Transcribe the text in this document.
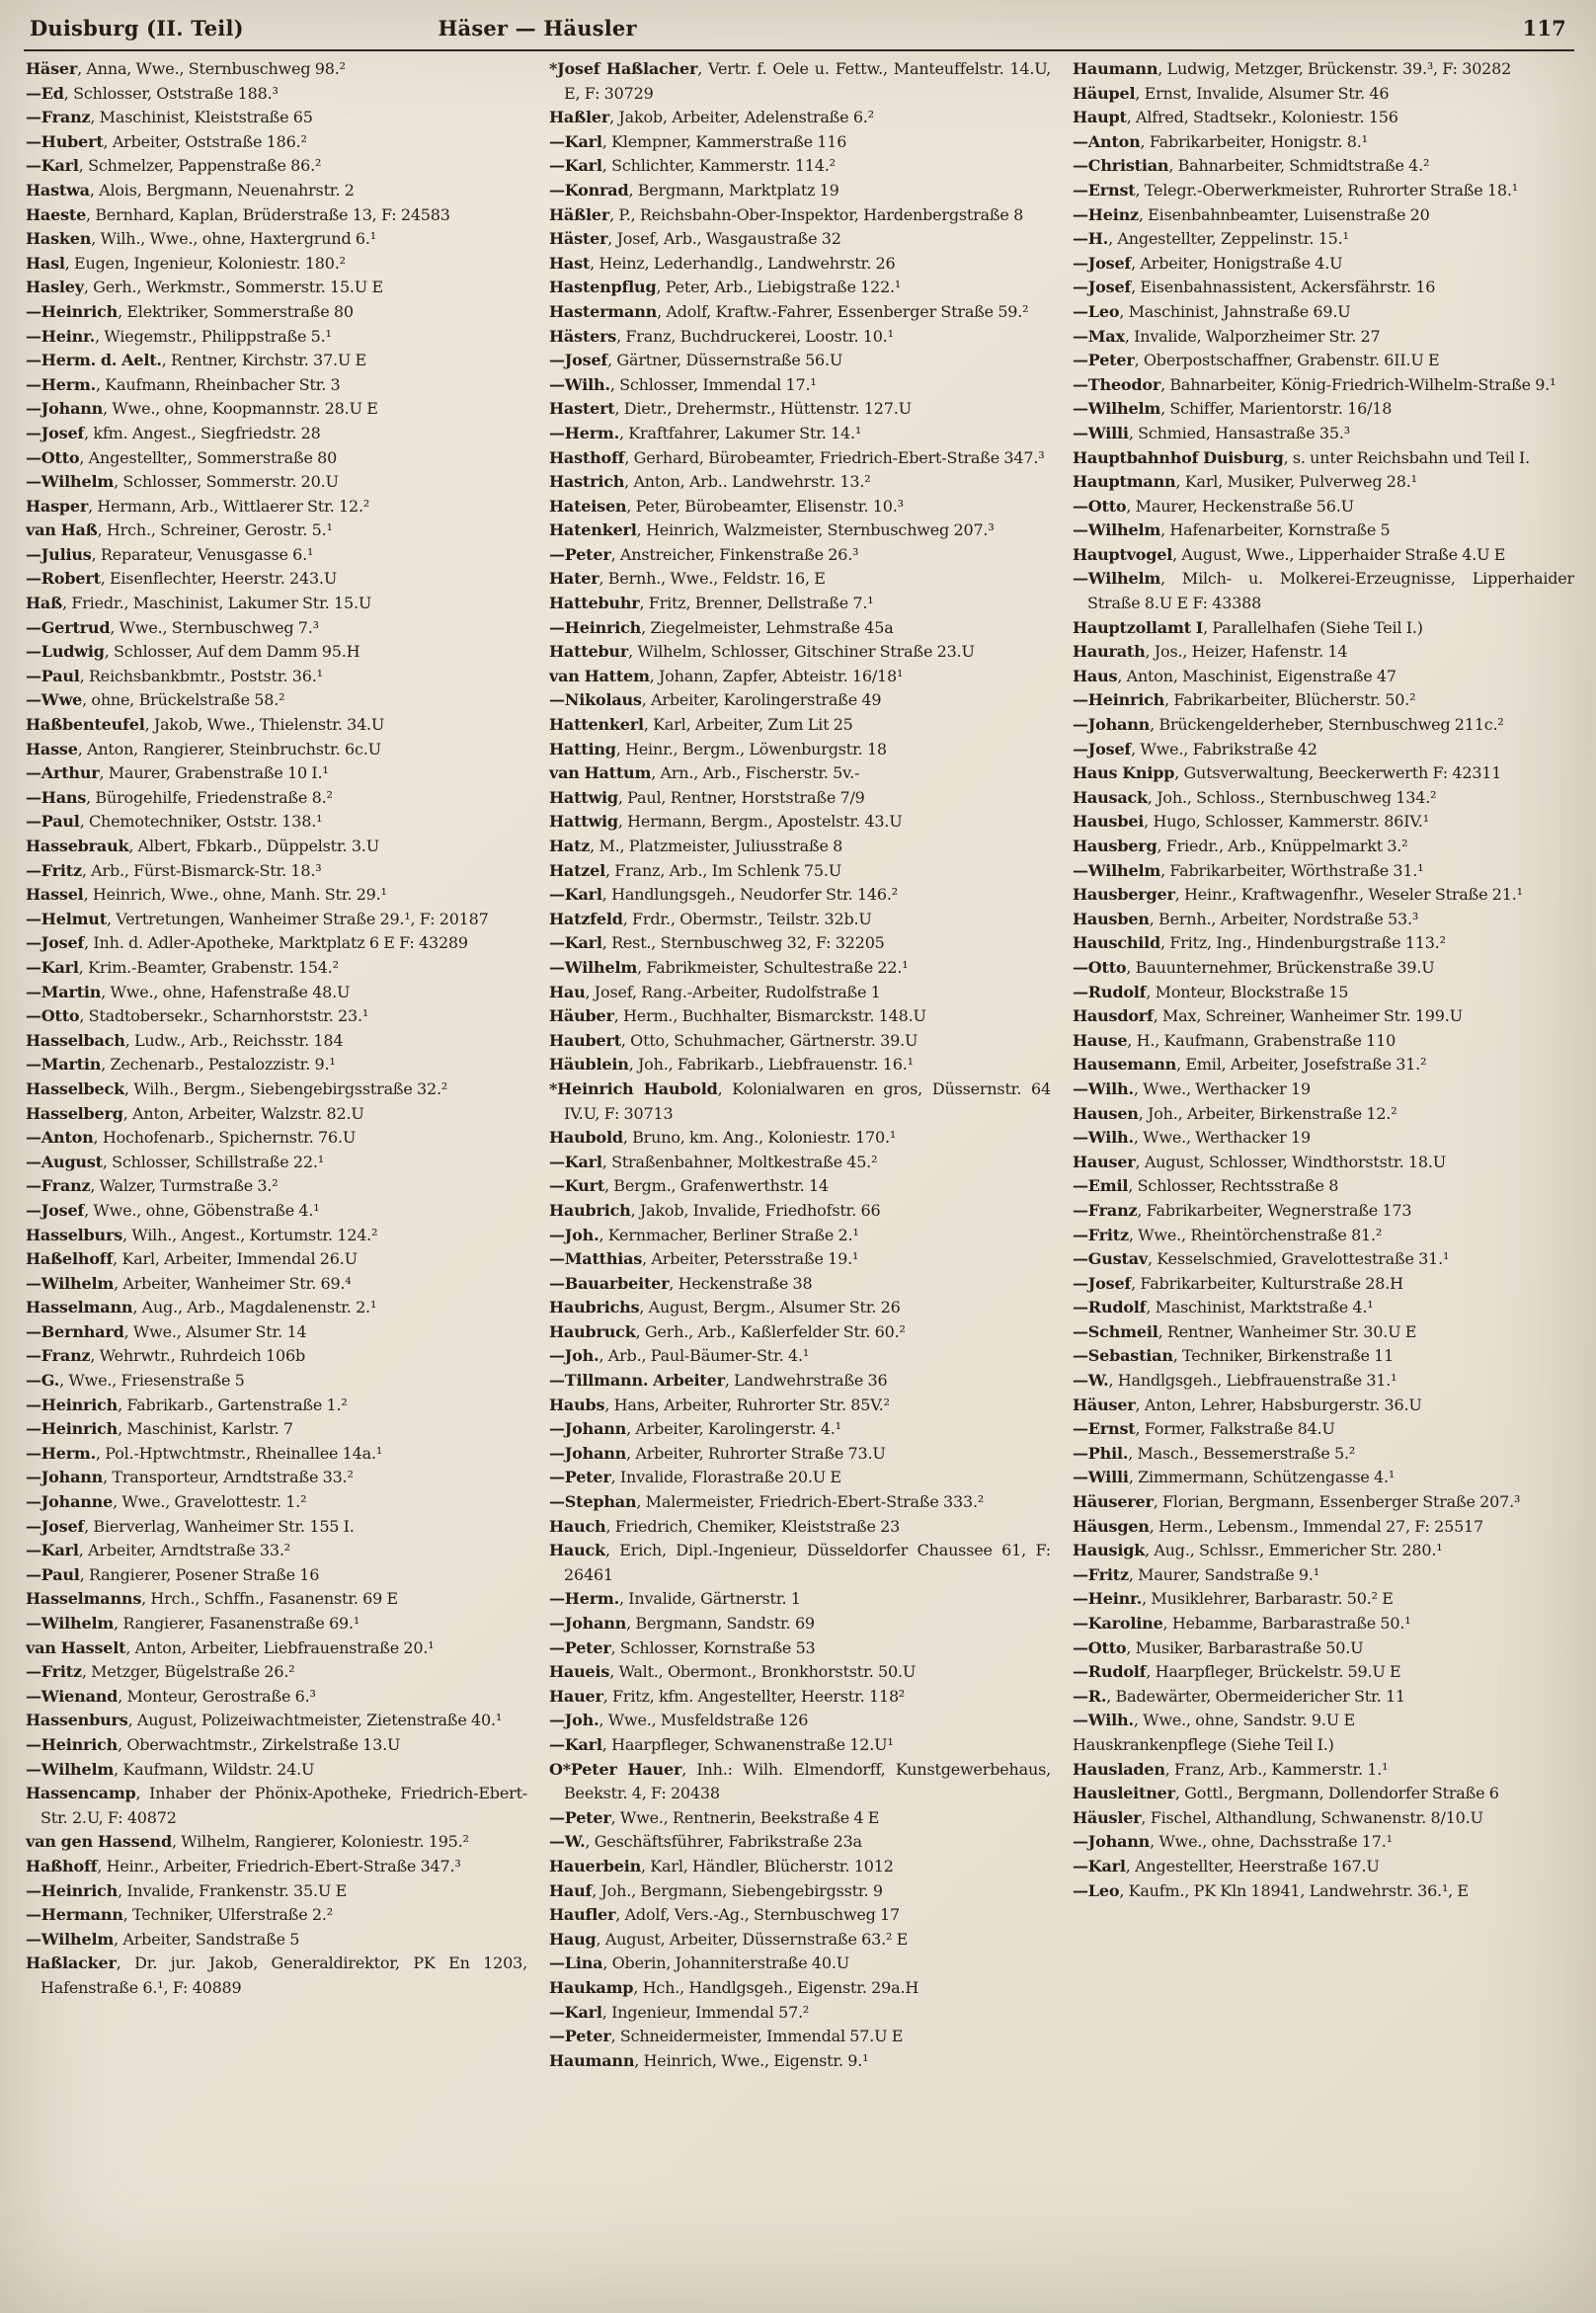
Duisburg (II. Teil)	Häser — Häusler	117

Häser, Anna, Wwe., Sternbuschweg 98.²

—Ed, Schlosser, Oststraße 188.³

—Franz, Maschinist, Kleiststraße 65

—Hubert, Arbeiter, Oststraße 186.²

—Karl, Schmelzer, Pappenstraße 86.²

Hastwa, Alois, Bergmann, Neuenahrstr. 2

Haeste, Bernhard, Kaplan, Brüderstraße 13, F: 24583

Hasken, Wilh., Wwe., ohne, Haxtergrund 6.¹

Hasl, Eugen, Ingenieur, Koloniestr. 180.²

Hasley, Gerh., Werkmstr., Sommerstr. 15.U E

—Heinrich, Elektriker, Sommerstraße 80

—Heinr., Wiegemstr., Philippstraße 5.¹

—Herm. d. Aelt., Rentner, Kirchstr. 37.U E

—Herm., Kaufmann, Rheinbacher Str. 3

—Johann, Wwe., ohne, Koopmannstr. 28.U E

—Josef, kfm. Angest., Siegfriedstr. 28

—Otto, Angestellter,, Sommerstraße 80

—Wilhelm, Schlosser, Sommerstr. 20.U

Hasper, Hermann, Arb., Wittlaerer Str. 12.²

van Haß, Hrch., Schreiner, Gerostr. 5.¹

—Julius, Reparateur, Venusgasse 6.¹

—Robert, Eisenflechter, Heerstr. 243.U

Haß, Friedr., Maschinist, Lakumer Str. 15.U

—Gertrud, Wwe., Sternbuschweg 7.³

—Ludwig, Schlosser, Auf dem Damm 95.H

—Paul, Reichsbankbmtr., Poststr. 36.¹

—Wwe, ohne, Brückelstraße 58.²

Haßbenteufel, Jakob, Wwe., Thielenstr. 34.U

Hasse, Anton, Rangierer, Steinbruchstr. 6c.U

—Arthur, Maurer, Grabenstraße 10 I.¹

—Hans, Bürogehilfe, Friedenstraße 8.²

—Paul, Chemotechniker, Oststr. 138.¹

Hassebrauk, Albert, Fbkarb., Düppelstr. 3.U

—Fritz, Arb., Fürst-Bismarck-Str. 18.³

Hassel, Heinrich, Wwe., ohne, Manh. Str. 29.¹

—Helmut, Vertretungen, Wanheimer Straße 29.¹, F: 20187

—Josef, Inh. d. Adler-Apotheke, Marktplatz 6 E F: 43289

—Karl, Krim.-Beamter, Grabenstr. 154.²

—Martin, Wwe., ohne, Hafenstraße 48.U

—Otto, Stadtobersekr., Scharnhorststr. 23.¹

Hasselbach, Ludw., Arb., Reichsstr. 184

—Martin, Zechenarb., Pestalozzistr. 9.¹

Hasselbeck, Wilh., Bergm., Siebengebirgsstraße 32.²

Hasselberg, Anton, Arbeiter, Walzstr. 82.U

—Anton, Hochofenarb., Spichernstr. 76.U

—August, Schlosser, Schillstraße 22.¹

—Franz, Walzer, Turmstraße 3.²

—Josef, Wwe., ohne, Göbenstraße 4.¹

Hasselburs, Wilh., Angest., Kortumstr. 124.²

Haßelhoff, Karl, Arbeiter, Immendal 26.U

—Wilhelm, Arbeiter, Wanheimer Str. 69.⁴

Hasselmann, Aug., Arb., Magdalenenstr. 2.¹

—Bernhard, Wwe., Alsumer Str. 14

—Franz, Wehrwtr., Ruhrdeich 106b

—G., Wwe., Friesenstraße 5

—Heinrich, Fabrikarb., Gartenstraße 1.²

—Heinrich, Maschinist, Karlstr. 7

—Herm., Pol.-Hptwchtmstr., Rheinallee 14a.¹

—Johann, Transporteur, Arndtstraße 33.²

—Johanne, Wwe., Gravelottestr. 1.²

—Josef, Bierverlag, Wanheimer Str. 155 I.

—Karl, Arbeiter, Arndtstraße 33.²

—Paul, Rangierer, Posener Straße 16

Hasselmanns, Hrch., Schffn., Fasanenstr. 69 E

—Wilhelm, Rangierer, Fasanenstraße 69.¹

van Hasselt, Anton, Arbeiter, Liebfrauenstraße 20.¹

—Fritz, Metzger, Bügelstraße 26.²

—Wienand, Monteur, Gerostraße 6.³

Hassenburs, August, Polizeiwachtmeister, Zietenstraße 40.¹

—Heinrich, Oberwachtmstr., Zirkelstraße 13.U

—Wilhelm, Kaufmann, Wildstr. 24.U

Hassencamp, Inhaber der Phönix-Apotheke, Friedrich-Ebert-Str. 2.U, F: 40872

van gen Hassend, Wilhelm, Rangierer, Koloniestr. 195.²

Haßhoff, Heinr., Arbeiter, Friedrich-Ebert-Straße 347.³

—Heinrich, Invalide, Frankenstr. 35.U E

—Hermann, Techniker, Ulferstraße 2.²

—Wilhelm, Arbeiter, Sandstraße 5

Haßlacker, Dr. jur. Jakob, Generaldirektor, PK En 1203, Hafenstraße 6.¹, F: 40889

*Josef Haßlacher, Vertr. f. Oele u. Fettw., Manteuffelstr. 14.U, E, F: 30729

Haßler, Jakob, Arbeiter, Adelenstraße 6.²

—Karl, Klempner, Kammerstraße 116

—Karl, Schlichter, Kammerstr. 114.²

—Konrad, Bergmann, Marktplatz 19

Häßler, P., Reichsbahn-Ober-Inspektor, Hardenbergstraße 8

Häster, Josef, Arb., Wasgaustraße 32

Hast, Heinz, Lederhandlg., Landwehrstr. 26

Hastenpflug, Peter, Arb., Liebigstraße 122.¹

Hastermann, Adolf, Kraftw.-Fahrer, Essenberger Straße 59.²

Hästers, Franz, Buchdruckerei, Loostr. 10.¹

—Josef, Gärtner, Düssernstraße 56.U

—Wilh., Schlosser, Immendal 17.¹

Hastert, Dietr., Drehermstr., Hüttenstr. 127.U

—Herm., Kraftfahrer, Lakumer Str. 14.¹

Hasthoff, Gerhard, Bürobeamter, Friedrich-Ebert-Straße 347.³

Hastrich, Anton, Arb.. Landwehrstr. 13.²

Hateisen, Peter, Bürobeamter, Elisenstr. 10.³

Hatenkerl, Heinrich, Walzmeister, Sternbuschweg 207.³

—Peter, Anstreicher, Finkenstraße 26.³

Hater, Bernh., Wwe., Feldstr. 16, E

Hattebuhr, Fritz, Brenner, Dellstraße 7.¹

—Heinrich, Ziegelmeister, Lehmstraße 45a

Hattebur, Wilhelm, Schlosser, Gitschiner Straße 23.U

van Hattem, Johann, Zapfer, Abteistr. 16/18¹

—Nikolaus, Arbeiter, Karolingerstraße 49

Hattenkerl, Karl, Arbeiter, Zum Lit 25

Hatting, Heinr., Bergm., Löwenburgstr. 18

van Hattum, Arn., Arb., Fischerstr. 5v.-

Hattwig, Paul, Rentner, Horststraße 7/9

Hattwig, Hermann, Bergm., Apostelstr. 43.U

Hatz, M., Platzmeister, Juliusstraße 8

Hatzel, Franz, Arb., Im Schlenk 75.U

—Karl, Handlungsgeh., Neudorfer Str. 146.²

Hatzfeld, Frdr., Obermstr., Teilstr. 32b.U

—Karl, Rest., Sternbuschweg 32, F: 32205

—Wilhelm, Fabrikmeister, Schultestraße 22.¹

Hau, Josef, Rang.-Arbeiter, Rudolfstraße 1

Häuber, Herm., Buchhalter, Bismarckstr. 148.U

Haubert, Otto, Schuhmacher, Gärtnerstr. 39.U

Häublein, Joh., Fabrikarb., Liebfrauenstr. 16.¹

*Heinrich Haubold, Kolonialwaren en gros, Düssernstr. 64 IV.U, F: 30713

Haubold, Bruno, km. Ang., Koloniestr. 170.¹

—Karl, Straßenbahner, Moltkestraße 45.²

—Kurt, Bergm., Grafenwerthstr. 14

Haubrich, Jakob, Invalide, Friedhofstr. 66

—Joh., Kernmacher, Berliner Straße 2.¹

—Matthias, Arbeiter, Petersstraße 19.¹

—Bauarbeiter, Heckenstraße 38

Haubrichs, August, Bergm., Alsumer Str. 26

Haubruck, Gerh., Arb., Kaßlerfelder Str. 60.²

—Joh., Arb., Paul-Bäumer-Str. 4.¹

—Tillmann. Arbeiter, Landwehrstraße 36

Haubs, Hans, Arbeiter, Ruhrorter Str. 85V.²

—Johann, Arbeiter, Karolingerstr. 4.¹

—Johann, Arbeiter, Ruhrorter Straße 73.U

—Peter, Invalide, Florastraße 20.U E

—Stephan, Malermeister, Friedrich-Ebert-Straße 333.²

Hauch, Friedrich, Chemiker, Kleiststraße 23

Hauck, Erich, Dipl.-Ingenieur, Düsseldorfer Chaussee 61, F: 26461

—Herm., Invalide, Gärtnerstr. 1

—Johann, Bergmann, Sandstr. 69

—Peter, Schlosser, Kornstraße 53

Haueis, Walt., Obermont., Bronkhorststr. 50.U

Hauer, Fritz, kfm. Angestellter, Heerstr. 118²

—Joh., Wwe., Musfeldstraße 126

—Karl, Haarpfleger, Schwanenstraße 12.U¹

O*Peter Hauer, Inh.: Wilh. Elmendorff, Kunstgewerbehaus, Beekstr. 4, F: 20438

—Peter, Wwe., Rentnerin, Beekstraße 4 E

—W., Geschäftsführer, Fabrikstraße 23a

Hauerbein, Karl, Händler, Blücherstr. 1012

Hauf, Joh., Bergmann, Siebengebirgsstr. 9

Haufler, Adolf, Vers.-Ag., Sternbuschweg 17

Haug, August, Arbeiter, Düssernstraße 63.² E

—Lina, Oberin, Johanniterstraße 40.U

Haukamp, Hch., Handlgsgeh., Eigenstr. 29a.H

—Karl, Ingenieur, Immendal 57.²

—Peter, Schneidermeister, Immendal 57.U E

Haumann, Heinrich, Wwe., Eigenstr. 9.¹

Haumann, Ludwig, Metzger, Brückenstr. 39.³, F: 30282

Häupel, Ernst, Invalide, Alsumer Str. 46

Haupt, Alfred, Stadtsekr., Koloniestr. 156

—Anton, Fabrikarbeiter, Honigstr. 8.¹

—Christian, Bahnarbeiter, Schmidtstraße 4.²

—Ernst, Telegr.-Oberwerkmeister, Ruhrorter Straße 18.¹

—Heinz, Eisenbahnbeamter, Luisenstraße 20

—H., Angestellter, Zeppelinstr. 15.¹

—Josef, Arbeiter, Honigstraße 4.U

—Josef, Eisenbahnassistent, Ackersfährstr. 16

—Leo, Maschinist, Jahnstraße 69.U

—Max, Invalide, Walporzheimer Str. 27

—Peter, Oberpostschaffner, Grabenstr. 6II.U E

—Theodor, Bahnarbeiter, König-Friedrich-Wilhelm-Straße 9.¹

—Wilhelm, Schiffer, Marientorstr. 16/18

—Willi, Schmied, Hansastraße 35.³

Hauptbahnhof Duisburg, s. unter Reichsbahn und Teil I.

Hauptmann, Karl, Musiker, Pulverweg 28.¹

—Otto, Maurer, Heckenstraße 56.U

—Wilhelm, Hafenarbeiter, Kornstraße 5

Hauptvogel, August, Wwe., Lipperhaider Straße 4.U E

—Wilhelm, Milch- u. Molkerei-Erzeugnisse, Lipperhaider Straße 8.U E F: 43388

Hauptzollamt I, Parallelhafen (Siehe Teil I.)

Haurath, Jos., Heizer, Hafenstr. 14

Haus, Anton, Maschinist, Eigenstraße 47

—Heinrich, Fabrikarbeiter, Blücherstr. 50.²

—Johann, Brückengelderheber, Sternbuschweg 211c.²

—Josef, Wwe., Fabrikstraße 42

Haus Knipp, Gutsverwaltung, Beeckerwerth F: 42311

Hausack, Joh., Schloss., Sternbuschweg 134.²

Hausbei, Hugo, Schlosser, Kammerstr. 86IV.¹

Hausberg, Friedr., Arb., Knüppelmarkt 3.²

—Wilhelm, Fabrikarbeiter, Wörthstraße 31.¹

Hausberger, Heinr., Kraftwagenfhr., Weseler Straße 21.¹

Hausben, Bernh., Arbeiter, Nordstraße 53.³

Hauschild, Fritz, Ing., Hindenburgstraße 113.²

—Otto, Bauunternehmer, Brückenstraße 39.U

—Rudolf, Monteur, Blockstraße 15

Hausdorf, Max, Schreiner, Wanheimer Str. 199.U

Hause, H., Kaufmann, Grabenstraße 110

Hausemann, Emil, Arbeiter, Josefstraße 31.²

—Wilh., Wwe., Werthacker 19

Hausen, Joh., Arbeiter, Birkenstraße 12.²

—Wilh., Wwe., Werthacker 19

Hauser, August, Schlosser, Windthorststr. 18.U

—Emil, Schlosser, Rechtsstraße 8

—Franz, Fabrikarbeiter, Wegnerstraße 173

—Fritz, Wwe., Rheintörchenstraße 81.²

—Gustav, Kesselschmied, Gravelottestraße 31.¹

—Josef, Fabrikarbeiter, Kulturstraße 28.H

—Rudolf, Maschinist, Marktstraße 4.¹

—Schmeil, Rentner, Wanheimer Str. 30.U E

—Sebastian, Techniker, Birkenstraße 11

—W., Handlgsgeh., Liebfrauenstraße 31.¹

Häuser, Anton, Lehrer, Habsburgerstr. 36.U

—Ernst, Former, Falkstraße 84.U

—Phil., Masch., Bessemerstraße 5.²

—Willi, Zimmermann, Schützengasse 4.¹

Häuserer, Florian, Bergmann, Essenberger Straße 207.³

Häusgen, Herm., Lebensm., Immendal 27, F: 25517

Hausigk, Aug., Schlssr., Emmericher Str. 280.¹

—Fritz, Maurer, Sandstraße 9.¹

—Heinr., Musiklehrer, Barbarastr. 50.² E

—Karoline, Hebamme, Barbarastraße 50.¹

—Otto, Musiker, Barbarastraße 50.U

—Rudolf, Haarpfleger, Brückelstr. 59.U E

—R., Badewärter, Obermeidericher Str. 11

—Wilh., Wwe., ohne, Sandstr. 9.U E

Hauskrankenpflege (Siehe Teil I.)

Hausladen, Franz, Arb., Kammerstr. 1.¹

Hausleitner, Gottl., Bergmann, Dollendorfer Straße 6

Häusler, Fischel, Althandlung, Schwanenstr. 8/10.U

—Johann, Wwe., ohne, Dachsstraße 17.¹

—Karl, Angestellter, Heerstraße 167.U

—Leo, Kaufm., PK Kln 18941, Landwehrstr. 36.¹, E
